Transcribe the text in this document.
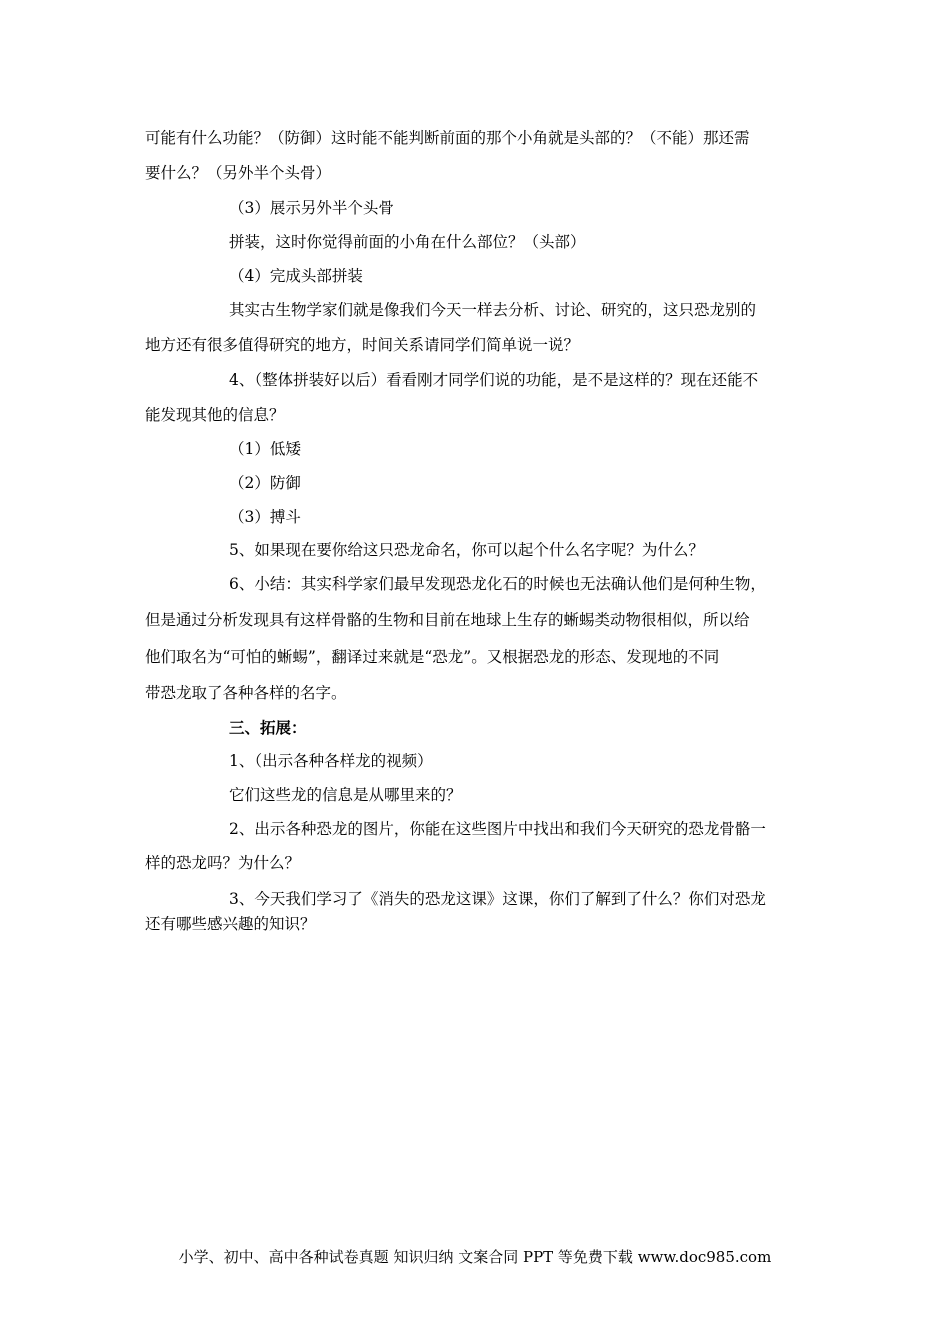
可能有什么功能？（防御）这时能不能判断前面的那个小角就是头部的？（不能）那还需
要什么？（另外半个头骨）
（3）展示另外半个头骨
拼装，这时你觉得前面的小角在什么部位？（头部）
（4）完成头部拼装
其实古生物学家们就是像我们今天一样去分析、讨论、研究的，这只恐龙别的
地方还有很多值得研究的地方，时间关系请同学们简单说一说？
4、（整体拼装好以后）看看刚才同学们说的功能，是不是这样的？现在还能不
能发现其他的信息？
（1）低矮
（2）防御
（3）搏斗
5、如果现在要你给这只恐龙命名，你可以起个什么名字呢？为什么？
6、小结：其实科学家们最早发现恐龙化石的时候也无法确认他们是何种生物，
但是通过分析发现具有这样骨骼的生物和目前在地球上生存的蜥蜴类动物很相似，所以给
他们取名为“可怕的蜥蜴”，翻译过来就是“恐龙”。又根据恐龙的形态、发现地的不同
带恐龙取了各种各样的名字。
三、拓展：
1、（出示各种各样龙的视频）
它们这些龙的信息是从哪里来的？
2、出示各种恐龙的图片，你能在这些图片中找出和我们今天研究的恐龙骨骼一
样的恐龙吗？为什么？
3、今天我们学习了《消失的恐龙这课》这课，你们了解到了什么？你们对恐龙
还有哪些感兴趣的知识？
小学、初中、高中各种试卷真题 知识归纳 文案合同 PPT 等免费下载 www.doc985.com
